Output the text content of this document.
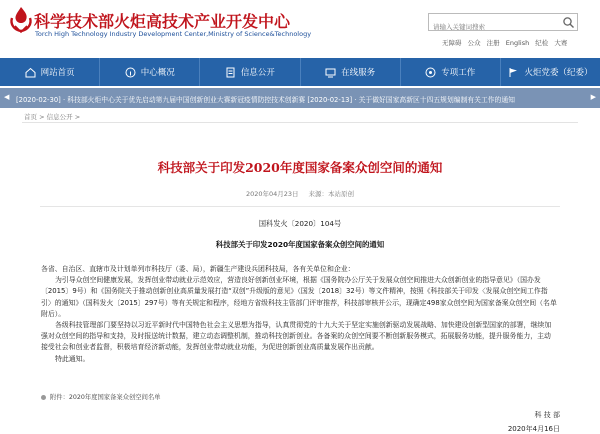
科学技术部火炬高技术产业开发中心
Torch High Technology Industry Development Center,Ministry of Science&Technology
请输入关键词搜索
无障碍 公众 注册 English 纪检 大赛
网站首页	中心概况	信息公开	在线服务	专项工作	火炬党委（纪委）
◀ [2020-02-30] · 科技部火炬中心关于优先启动第九届中国创新创业大赛新冠疫情防控技术创新赛 [2020-02-13] · 关于做好国家高新区十四五规划编制有关工作的通知	▶
首页 > 信息公开 >
科技部关于印发2020年度国家备案众创空间的通知
2020年04月23日 来源：本站原创
国科发火〔2020〕104号
科技部关于印发2020年度国家备案众创空间的通知

各省、自治区、直辖市及计划单列市科技厅（委、局），新疆生产建设兵团科技局，各有关单位和企业：

为引导众创空间健康发展，发挥创业带动就业示范效应，营造良好创新创业环境，根据《国务院办公厅关于发展众创空间推进大众创新创业的指导意见》（国办发〔2015〕9号）和《国务院关于推动创新创业高质量发展打造“双创”升级版的意见》（国发〔2018〕32号）等文件精神，按照《科技部关于印发〈发展众创空间工作指引〉的通知》（国科发火〔2015〕297号）等有关规定和程序，经地方省级科技主管部门评审推荐，科技部审核并公示，现确定498家众创空间为国家备案众创空间（名单附后）。

各级科技管理部门要坚持以习近平新时代中国特色社会主义思想为指导，认真贯彻党的十九大关于坚定实施创新驱动发展战略、加快建设创新型国家的部署，继续加强对众创空间的指导和支持，及时报送统计数据，建立动态调整机制，推动科技创新创业。各备案的众创空间要不断创新服务模式，拓展服务功能，提升服务能力，主动接受社会和创业者监督，积极培育经济新动能，发挥创业带动就业功能，为促进创新创业高质量发展作出贡献。

特此通知。

附件：2020年度国家备案众创空间名单
科 技 部
2020年4月16日
